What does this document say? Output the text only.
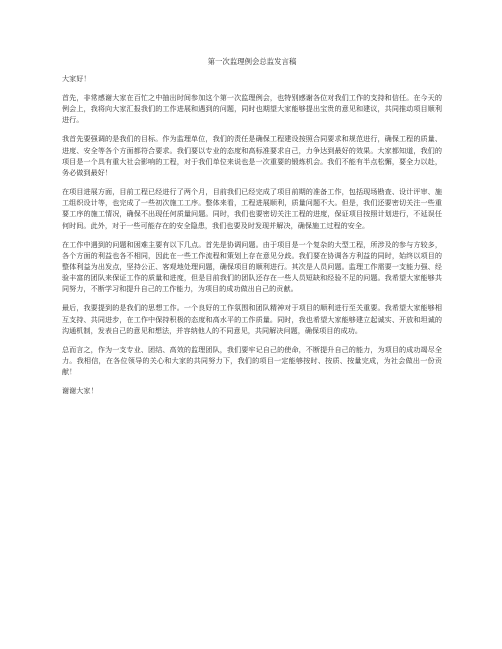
第一次监理例会总监发言稿

大家好！

首先，非常感谢大家在百忙之中抽出时间参加这个第一次监理例会，也特别感谢各位对我们工作的支持和信任。在今天的例会上，我将向大家汇报我们的工作进展和遇到的问题，同时也期望大家能够提出宝贵的意见和建议，共同推动项目顺利进行。

我首先要强调的是我们的目标。作为监理单位，我们的责任是确保工程建设按照合同要求和规范进行，确保工程的质量、进度、安全等各个方面都符合要求。我们要以专业的态度和高标准要求自己，力争达到最好的效果。大家都知道，我们的项目是一个具有重大社会影响的工程，对于我们单位来说也是一次重要的锻炼机会。我们不能有半点松懈，要全力以赴，务必做到最好！

在项目进展方面，目前工程已经进行了两个月，目前我们已经完成了项目前期的准备工作，包括现场勘查、设计评审、施工组织设计等，也完成了一些初次施工工序。整体来看，工程进展顺利，质量问题不大。但是，我们还要密切关注一些重要工序的施工情况，确保不出现任何质量问题。同时，我们也要密切关注工程的进度，保证项目按照计划进行，不延误任何时间。此外，对于一些可能存在的安全隐患，我们也要及时发现并解决，确保施工过程的安全。

在工作中遇到的问题和困难主要有以下几点。首先是协调问题。由于项目是一个复杂的大型工程，所涉及的参与方较多，各个方面的利益也各不相同，因此在一些工作流程和策划上存在意见分歧。我们要在协调各方利益的同时，始终以项目的整体利益为出发点，坚持公正、客观地处理问题，确保项目的顺利进行。其次是人员问题。监理工作需要一支能力强、经验丰富的团队来保证工作的质量和进度，但是目前我们的团队还存在一些人员短缺和经验不足的问题。我希望大家能够共同努力，不断学习和提升自己的工作能力，为项目的成功做出自己的贡献。

最后，我要提到的是我们的思想工作。一个良好的工作氛围和团队精神对于项目的顺利进行至关重要。我希望大家能够相互支持、共同进步，在工作中保持积极的态度和高水平的工作质量。同时，我也希望大家能够建立起诚实、开放和坦诚的沟通机制，发表自己的意见和想法，并容纳他人的不同意见，共同解决问题，确保项目的成功。

总而言之，作为一支专业、团结、高效的监理团队，我们要牢记自己的使命，不断提升自己的能力，为项目的成功竭尽全力。我相信，在各位领导的关心和大家的共同努力下，我们的项目一定能够按时、按质、按量完成，为社会做出一份贡献！

谢谢大家！
